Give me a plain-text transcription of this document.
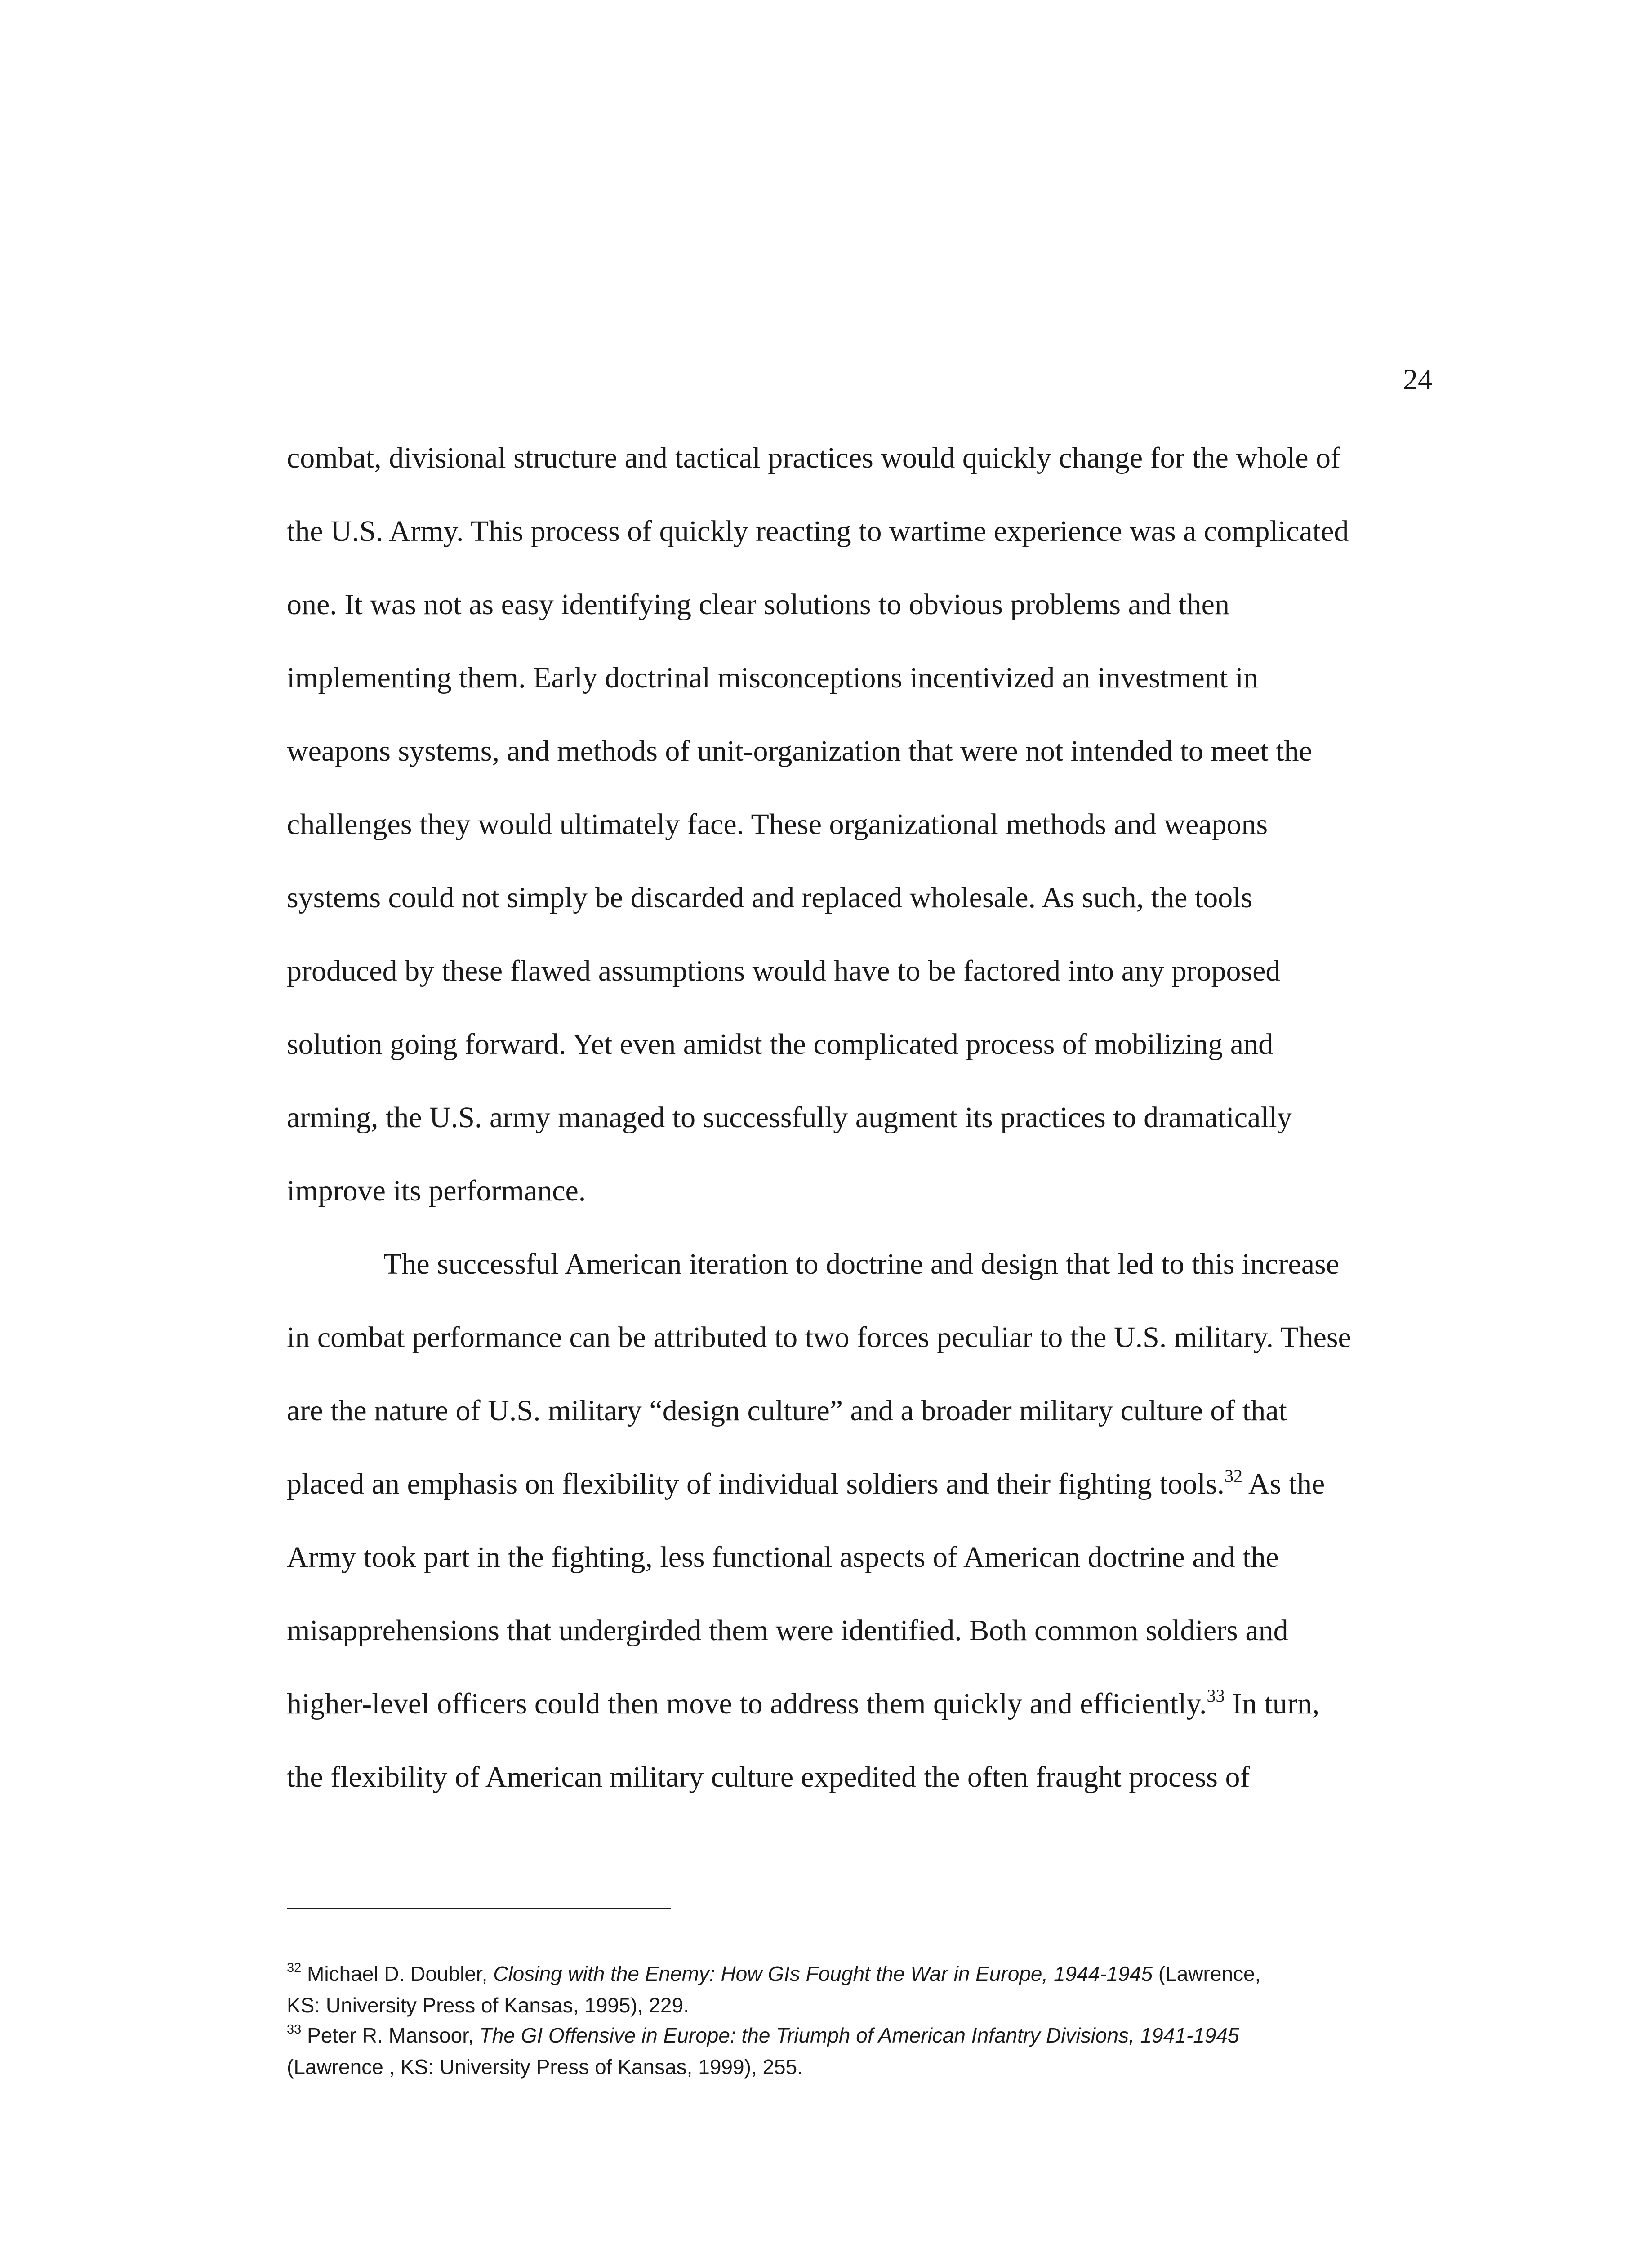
24
combat, divisional structure and tactical practices would quickly change for the whole of
the U.S. Army. This process of quickly reacting to wartime experience was a complicated
one. It was not as easy identifying clear solutions to obvious problems and then
implementing them. Early doctrinal misconceptions incentivized an investment in
weapons systems, and methods of unit-organization that were not intended to meet the
challenges they would ultimately face. These organizational methods and weapons
systems could not simply be discarded and replaced wholesale. As such, the tools
produced by these flawed assumptions would have to be factored into any proposed
solution going forward. Yet even amidst the complicated process of mobilizing and
arming, the U.S. army managed to successfully augment its practices to dramatically
improve its performance.
The successful American iteration to doctrine and design that led to this increase
in combat performance can be attributed to two forces peculiar to the U.S. military. These
are the nature of U.S. military “design culture” and a broader military culture of that
placed an emphasis on flexibility of individual soldiers and their fighting tools.$^{32}$ As the
Army took part in the fighting, less functional aspects of American doctrine and the
misapprehensions that undergirded them were identified. Both common soldiers and
higher-level officers could then move to address them quickly and efficiently.$^{33}$ In turn,
the flexibility of American military culture expedited the often fraught process of
$^{32}$ Michael D. Doubler, Closing with the Enemy: How GIs Fought the War in Europe, 1944-1945 (Lawrence,
KS: University Press of Kansas, 1995), 229.
$^{33}$ Peter R. Mansoor, The GI Offensive in Europe: the Triumph of American Infantry Divisions, 1941-1945
(Lawrence , KS: University Press of Kansas, 1999), 255.
